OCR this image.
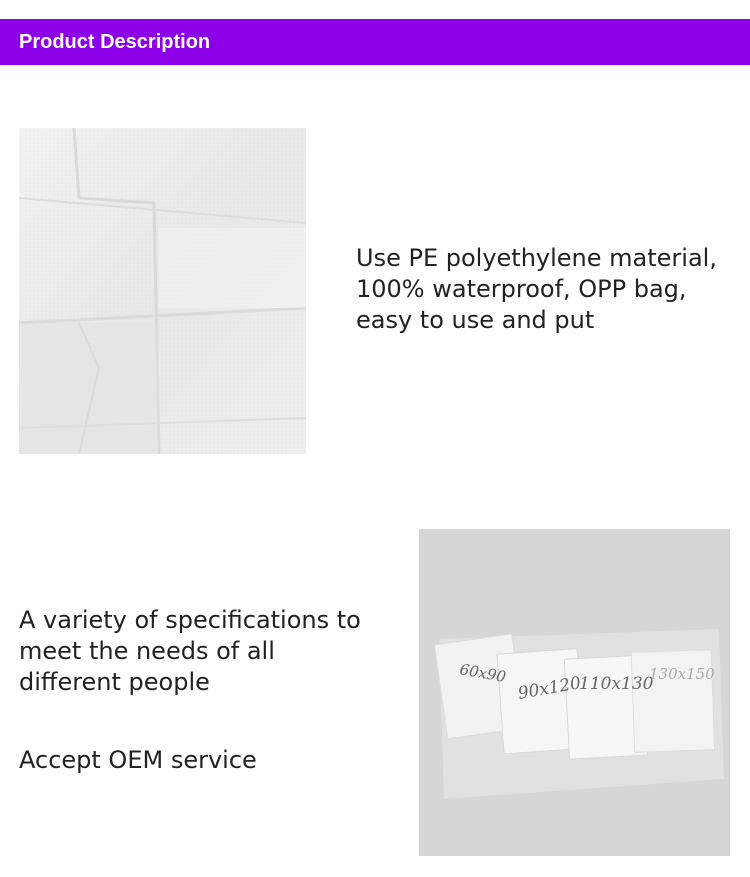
Product Description
Use PE polyethylene material,
100% waterproof, OPP bag,
easy to use and put
A variety of specifications to
meet the needs of all
different people
Accept OEM service
60x90
90x120
110x130
130x150
